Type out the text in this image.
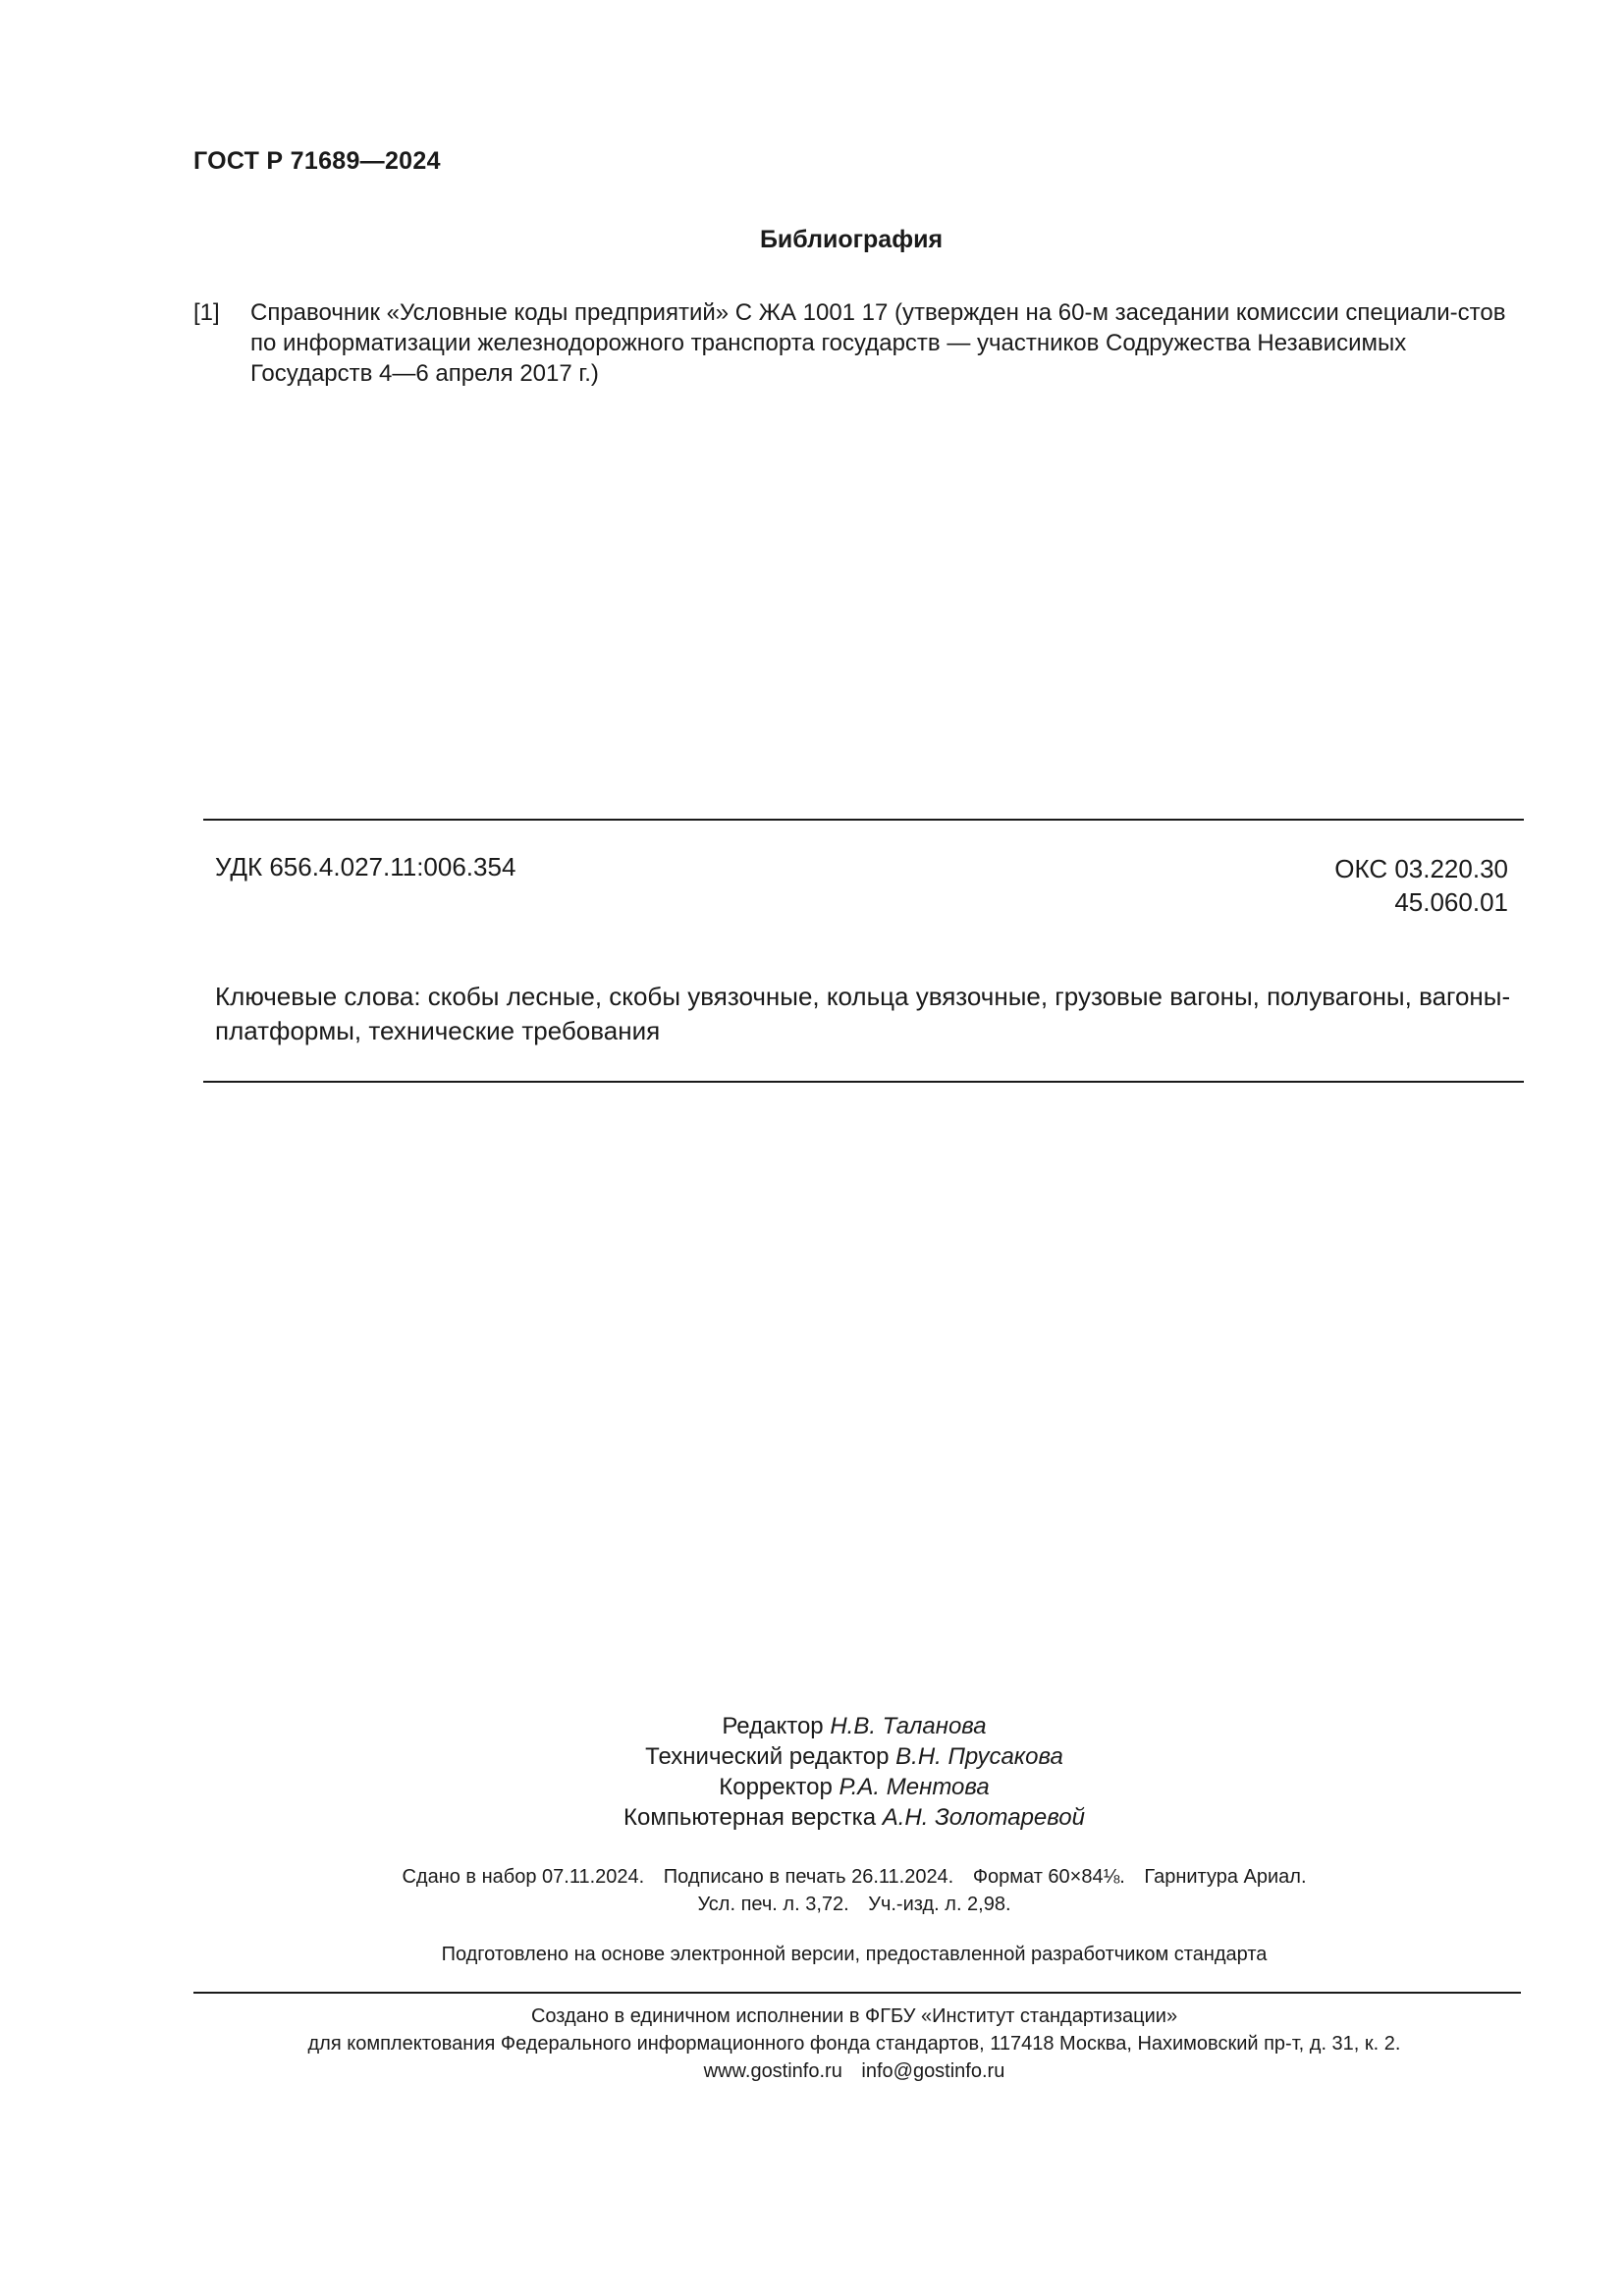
ГОСТ Р 71689—2024
Библиография
[1] Справочник «Условные коды предприятий» С ЖА 1001 17 (утвержден на 60-м заседании комиссии специали-стов по информатизации железнодорожного транспорта государств — участников Содружества Независимых Государств 4—6 апреля 2017 г.)
УДК 656.4.027.11:006.354	ОКС 03.220.30
45.060.01
Ключевые слова: скобы лесные, скобы увязочные, кольца увязочные, грузовые вагоны, полувагоны, вагоны-платформы, технические требования
Редактор Н.В. Таланова
Технический редактор В.Н. Прусакова
Корректор Р.А. Ментова
Компьютерная верстка А.Н. Золотаревой
Сдано в набор 07.11.2024. Подписано в печать 26.11.2024. Формат 60×84⅛. Гарнитура Ариал.
Усл. печ. л. 3,72. Уч.-изд. л. 2,98.
Подготовлено на основе электронной версии, предоставленной разработчиком стандарта
Создано в единичном исполнении в ФГБУ «Институт стандартизации»
для комплектования Федерального информационного фонда стандартов, 117418 Москва, Нахимовский пр-т, д. 31, к. 2.
www.gostinfo.ru info@gostinfo.ru
